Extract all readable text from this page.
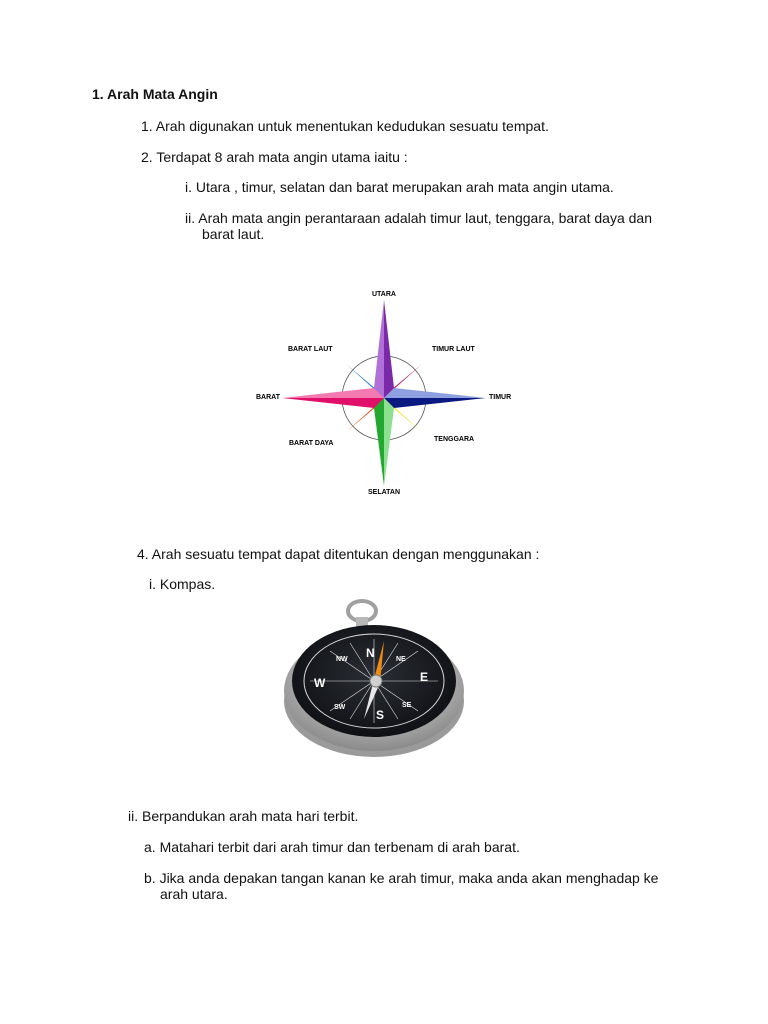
1. Arah Mata Angin
1. Arah digunakan untuk menentukan kedudukan sesuatu tempat.
2. Terdapat 8 arah mata angin utama iaitu :
i. Utara , timur, selatan dan barat merupakan arah mata angin utama.
ii. Arah mata angin perantaraan adalah timur laut, tenggara, barat daya dan
barat laut.
UTARA
BARAT LAUT	TIMUR LAUT
BARAT	TIMUR
BARAT DAYA
TENGGARA
SELATAN
4. Arah sesuatu tempat dapat ditentukan dengan menggunakan :
i. Kompas.
N
E
S
W
NE
SE
SW
NW
ii. Berpandukan arah mata hari terbit.
a. Matahari terbit dari arah timur dan terbenam di arah barat.
b. Jika anda depakan tangan kanan ke arah timur, maka anda akan menghadap ke
arah utara.
